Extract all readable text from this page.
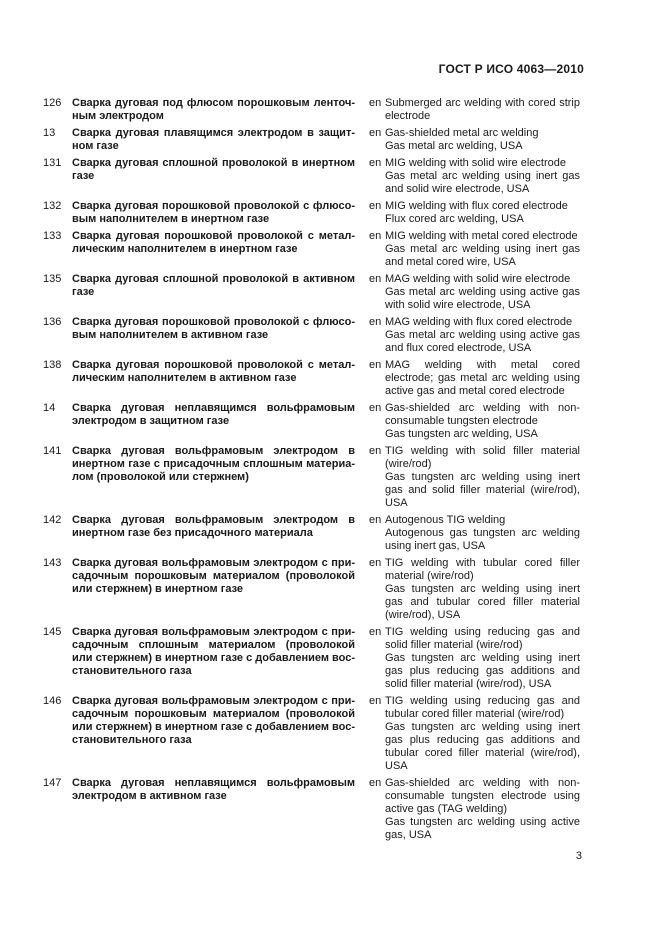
ГОСТ Р ИСО 4063—2010
126 Сварка дуговая под флюсом порошковым ленточ-ным электродом
en Submerged arc welding with cored strip electrode
13	Сварка дуговая плавящимся электродом в защит-ном газе
en Gas-shielded metal arc welding
Gas metal arc welding, USA
131 Сварка дуговая сплошной проволокой в инертном газе
en MIG welding with solid wire electrode
Gas metal arc welding using inert gas and solid wire electrode, USA
132 Сварка дуговая порошковой проволокой с флюсо-вым наполнителем в инертном газе
en MIG welding with flux cored electrode
Flux cored arc welding, USA
133 Сварка дуговая порошковой проволокой с метал-лическим наполнителем в инертном газе
en MIG welding with metal cored electrode
Gas metal arc welding using inert gas and metal cored wire, USA
135 Сварка дуговая сплошной проволокой в активном газе
en MAG welding with solid wire electrode
Gas metal arc welding using active gas with solid wire electrode, USA
136 Сварка дуговая порошковой проволокой с флюсо-вым наполнителем в активном газе
en MAG welding with flux cored electrode
Gas metal arc welding using active gas and flux cored electrode, USA
138 Сварка дуговая порошковой проволокой с метал-лическим наполнителем в активном газе
en MAG welding with metal cored electrode; gas metal arc welding using active gas and metal cored electrode
14	Сварка дуговая неплавящимся вольфрамовым электродом в защитном газе
en Gas-shielded arc welding with non-consumable tungsten electrode
Gas tungsten arc welding, USA
141 Сварка дуговая вольфрамовым электродом в инертном газе с присадочным сплошным материа-лом (проволокой или стержнем)
en TIG welding with solid filler material (wire/rod)
Gas tungsten arc welding using inert gas and solid filler material (wire/rod), USA
142 Сварка дуговая вольфрамовым электродом в инертном газе без присадочного материала
en Autogenous TIG welding
Autogenous gas tungsten arc welding using inert gas, USA
143 Сварка дуговая вольфрамовым электродом с при-садочным порошковым материалом (проволокой или стержнем) в инертном газе
en TIG welding with tubular cored filler material (wire/rod)
Gas tungsten arc welding using inert gas and tubular cored filler material (wire/rod), USA
145 Сварка дуговая вольфрамовым электродом с при-садочным сплошным материалом (проволокой или стержнем) в инертном газе с добавлением вос-становительного газа
en TIG welding using reducing gas and solid filler material (wire/rod)
Gas tungsten arc welding using inert gas plus reducing gas additions and solid filler material (wire/rod), USA
146 Сварка дуговая вольфрамовым электродом с при-садочным порошковым материалом (проволокой или стержнем) в инертном газе с добавлением вос-становительного газа
en TIG welding using reducing gas and tubular cored filler material (wire/rod)
Gas tungsten arc welding using inert gas plus reducing gas additions and tubular cored filler material (wire/rod), USA
147 Сварка дуговая неплавящимся вольфрамовым электродом в активном газе
en Gas-shielded arc welding with non-consumable tungsten electrode using active gas (TAG welding)
Gas tungsten arc welding using active gas, USA
3
